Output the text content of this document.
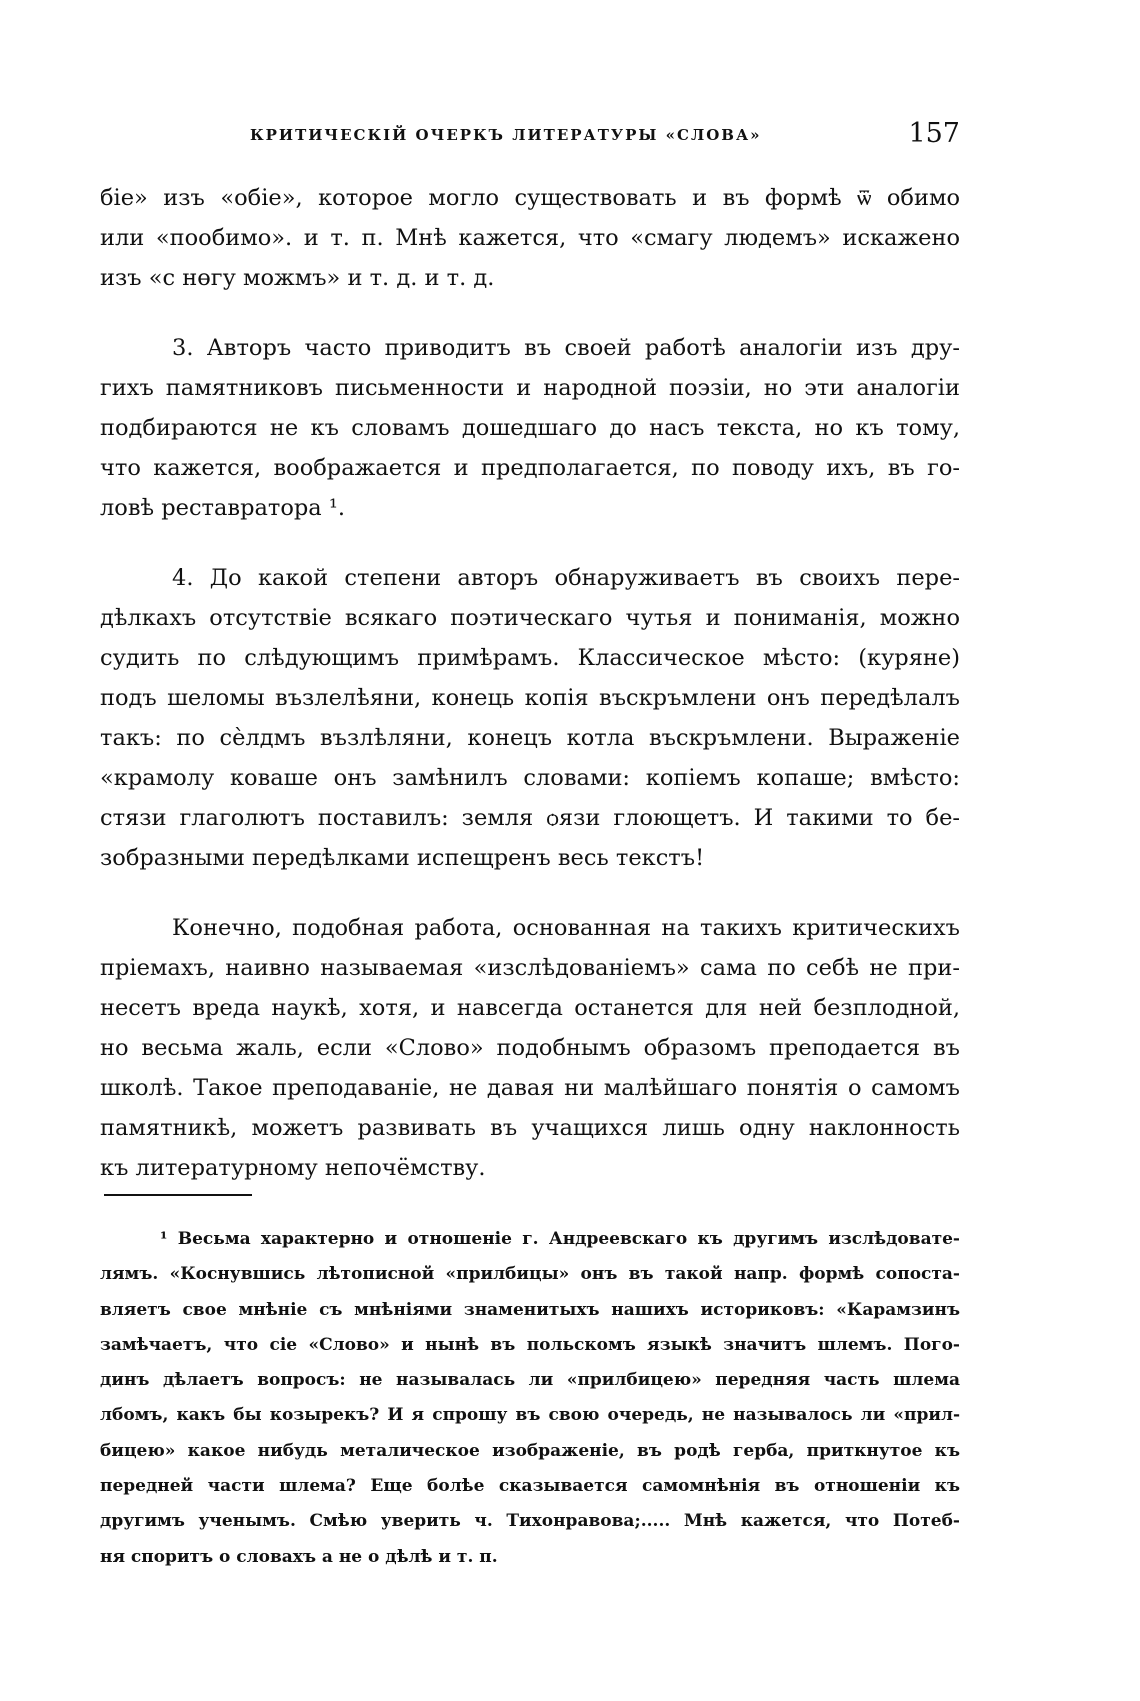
КРИТИЧЕСКІЙ ОЧЕРКЪ ЛИТЕРАТУРЫ «СЛОВА»	157
біе» изъ «обіе», которое могло существовать и въ формѣ ѿ обимо
или «пообимо». и т. п. Мнѣ кажется, что «смагу людемъ» искажено
изъ «с нөгу можмъ» и т. д. и т. д.
3. Авторъ часто приводитъ въ своей работѣ аналогіи изъ дру-
гихъ памятниковъ письменности и народной поэзіи, но эти аналогіи
подбираются не къ словамъ дошедшаго до насъ текста, но къ тому,
что кажется, воображается и предполагается, по поводу ихъ, въ го-
ловѣ реставратора ¹.
4. До какой степени авторъ обнаруживаетъ въ своихъ пере-
дѣлкахъ отсутствіе всякаго поэтическаго чутья и пониманія, можно
судить по слѣдующимъ примѣрамъ. Классическое мѣсто: (куряне)
подъ шеломы възлелѣяни, конець копія въскръмлени онъ передѣлалъ
такъ: по сѐлдмъ възлѣляни, конецъ котла въскръмлени. Выраженіе
«крамолу коваше онъ замѣнилъ словами: копіемъ копаше; вмѣсто:
стязи глаголютъ поставилъ: земля ѻязи глоющетъ. И такими то бе-
зобразными передѣлками испещренъ весь текстъ!
Конечно, подобная работа, основанная на такихъ критическихъ
пріемахъ, наивно называемая «изслѣдованіемъ» сама по себѣ не при-
несетъ вреда наукѣ, хотя, и навсегда останется для ней безплодной,
но весьма жаль, если «Слово» подобнымъ образомъ преподается въ
школѣ. Такое преподаваніе, не давая ни малѣйшаго понятія о самомъ
памятникѣ, можетъ развивать въ учащихся лишь одну наклонность
къ литературному непочёмству.
¹ Весьма характерно и отношеніе г. Андреевскаго къ другимъ изслѣдовате-
лямъ. «Коснувшись лѣтописной «прилбицы» онъ въ такой напр. формѣ сопоста-
вляетъ свое мнѣніе съ мнѣніями знаменитыхъ нашихъ историковъ: «Карамзинъ
замѣчаетъ, что сіе «Слово» и нынѣ въ польскомъ языкѣ значитъ шлемъ. Пого-
динъ дѣлаетъ вопросъ: не называлась ли «прилбицею» передняя часть шлема
лбомъ, какъ бы козырекъ? И я спрошу въ свою очередь, не называлось ли «прил-
бицею» какое нибудь металическое изображеніе, въ родѣ герба, приткнутое къ
передней части шлема? Еще болѣе сказывается самомнѣнія въ отношеніи къ
другимъ ученымъ. Смѣю уверить ч. Тихонравова;..... Мнѣ кажется, что Потеб-
ня споритъ о словахъ а не о дѣлѣ и т. п.
